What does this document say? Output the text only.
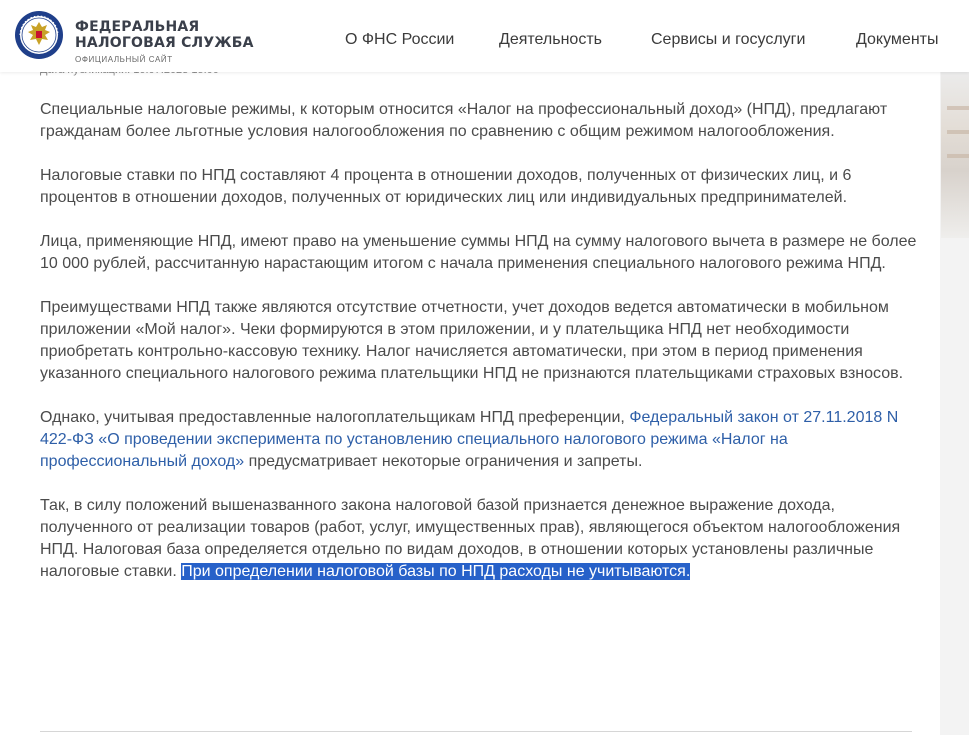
ФЕДЕРАЛЬНАЯ
НАЛОГОВАЯ СЛУЖБА
ОФИЦИАЛЬНЫЙ САЙТ
О ФНС России	Деятельность	Сервисы и госуслуги	Документы

Специальные налоговые режимы, к которым относится «Налог на профессиональный доход» (НПД), предлагают гражданам более льготные условия налогообложения по сравнению с общим режимом налогообложения.

Налоговые ставки по НПД составляют 4 процента в отношении доходов, полученных от физических лиц, и 6 процентов в отношении доходов, полученных от юридических лиц или индивидуальных предпринимателей.

Лица, применяющие НПД, имеют право на уменьшение суммы НПД на сумму налогового вычета в размере не более 10 000 рублей, рассчитанную нарастающим итогом с начала применения специального налогового режима НПД.

Преимуществами НПД также являются отсутствие отчетности, учет доходов ведется автоматически в мобильном приложении «Мой налог». Чеки формируются в этом приложении, и у плательщика НПД нет необходимости приобретать контрольно-кассовую технику. Налог начисляется автоматически, при этом в период применения указанного специального налогового режима плательщики НПД не признаются плательщиками страховых взносов.

Однако, учитывая предоставленные налогоплательщикам НПД преференции, Федеральный закон от 27.11.2018 N 422-ФЗ «О проведении эксперимента по установлению специального налогового режима «Налог на профессиональный доход» предусматривает некоторые ограничения и запреты.

Так, в силу положений вышеназванного закона налоговой базой признается денежное выражение дохода, полученного от реализации товаров (работ, услуг, имущественных прав), являющегося объектом налогообложения НПД. Налоговая база определяется отдельно по видам доходов, в отношении которых установлены различные налоговые ставки. При определении налоговой базы по НПД расходы не учитываются.
